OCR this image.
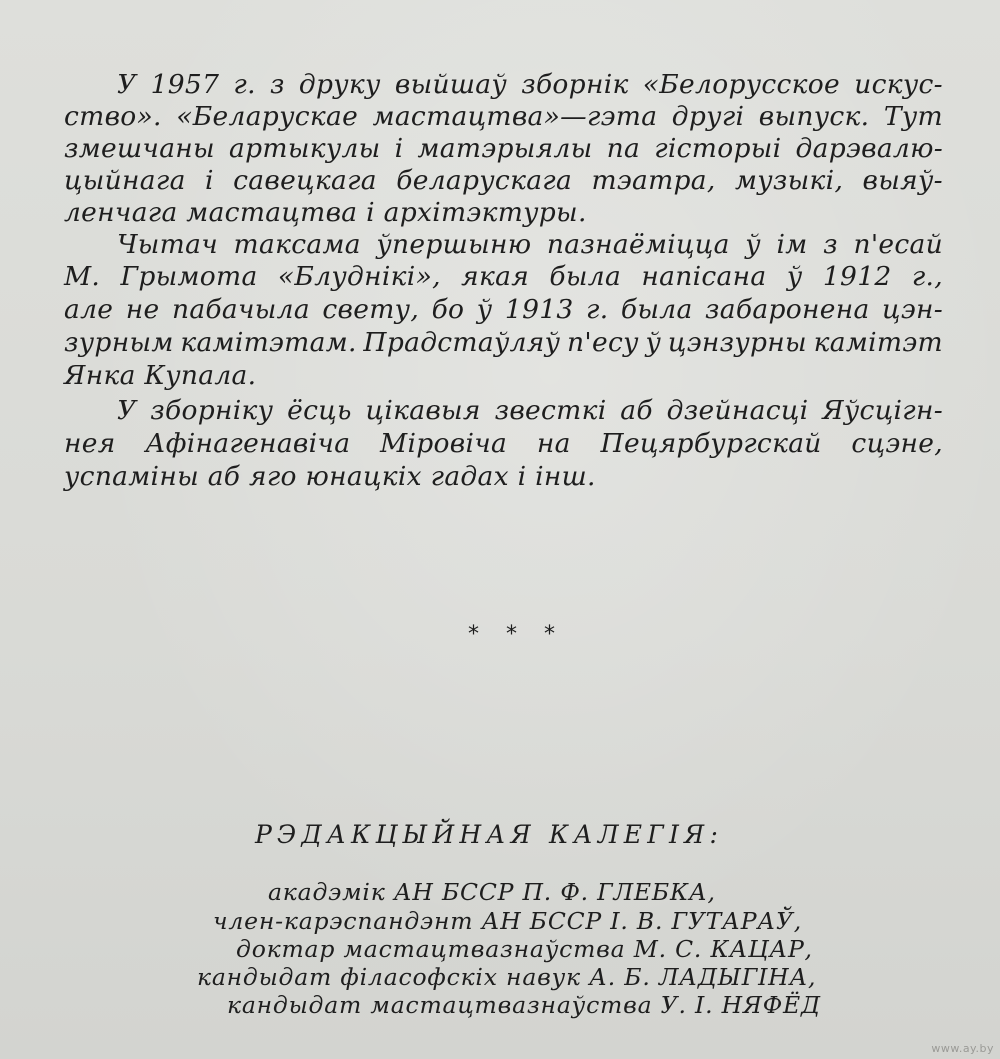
У 1957 г. з друку выйшаў зборнік «Белорусское искус-
ство». «Беларускае мастацтва»—гэта другі выпуск. Тут
змешчаны артыкулы і матэрыялы па гісторыі дарэвалю-
цыйнага і савецкага беларускага тэатра, музыкі, выяў-
ленчага мастацтва і архітэктуры.
Чытач таксама ўпершыню пазнаёміцца ў ім з п'есай
М. Грымота «Блуднікі», якая была напісана ў 1912 г.,
але не пабачыла свету, бо ў 1913 г. была забаронена цэн-
зурным камітэтам. Прадстаўляў п'есу ў цэнзурны камітэт
Янка Купала.
У зборніку ёсць цікавыя звесткі аб дзейнасці Яўсцігн-
нея Афінагенавіча Міровіча на Пецярбургскай сцэне,
успаміны аб яго юнацкіх гадах і інш.
* * *
РЭДАКЦЫЙНАЯ КАЛЕГІЯ:
акадэмік АН БССР П. Ф. ГЛЕБКА,
член-карэспандэнт АН БССР І. В. ГУТАРАЎ,
доктар мастацтвазнаўства М. С. КАЦАР,
кандыдат філасофскіх навук А. Б. ЛАДЫГІНА,
кандыдат мастацтвазнаўства У. І. НЯФЁД
www.ay.by
